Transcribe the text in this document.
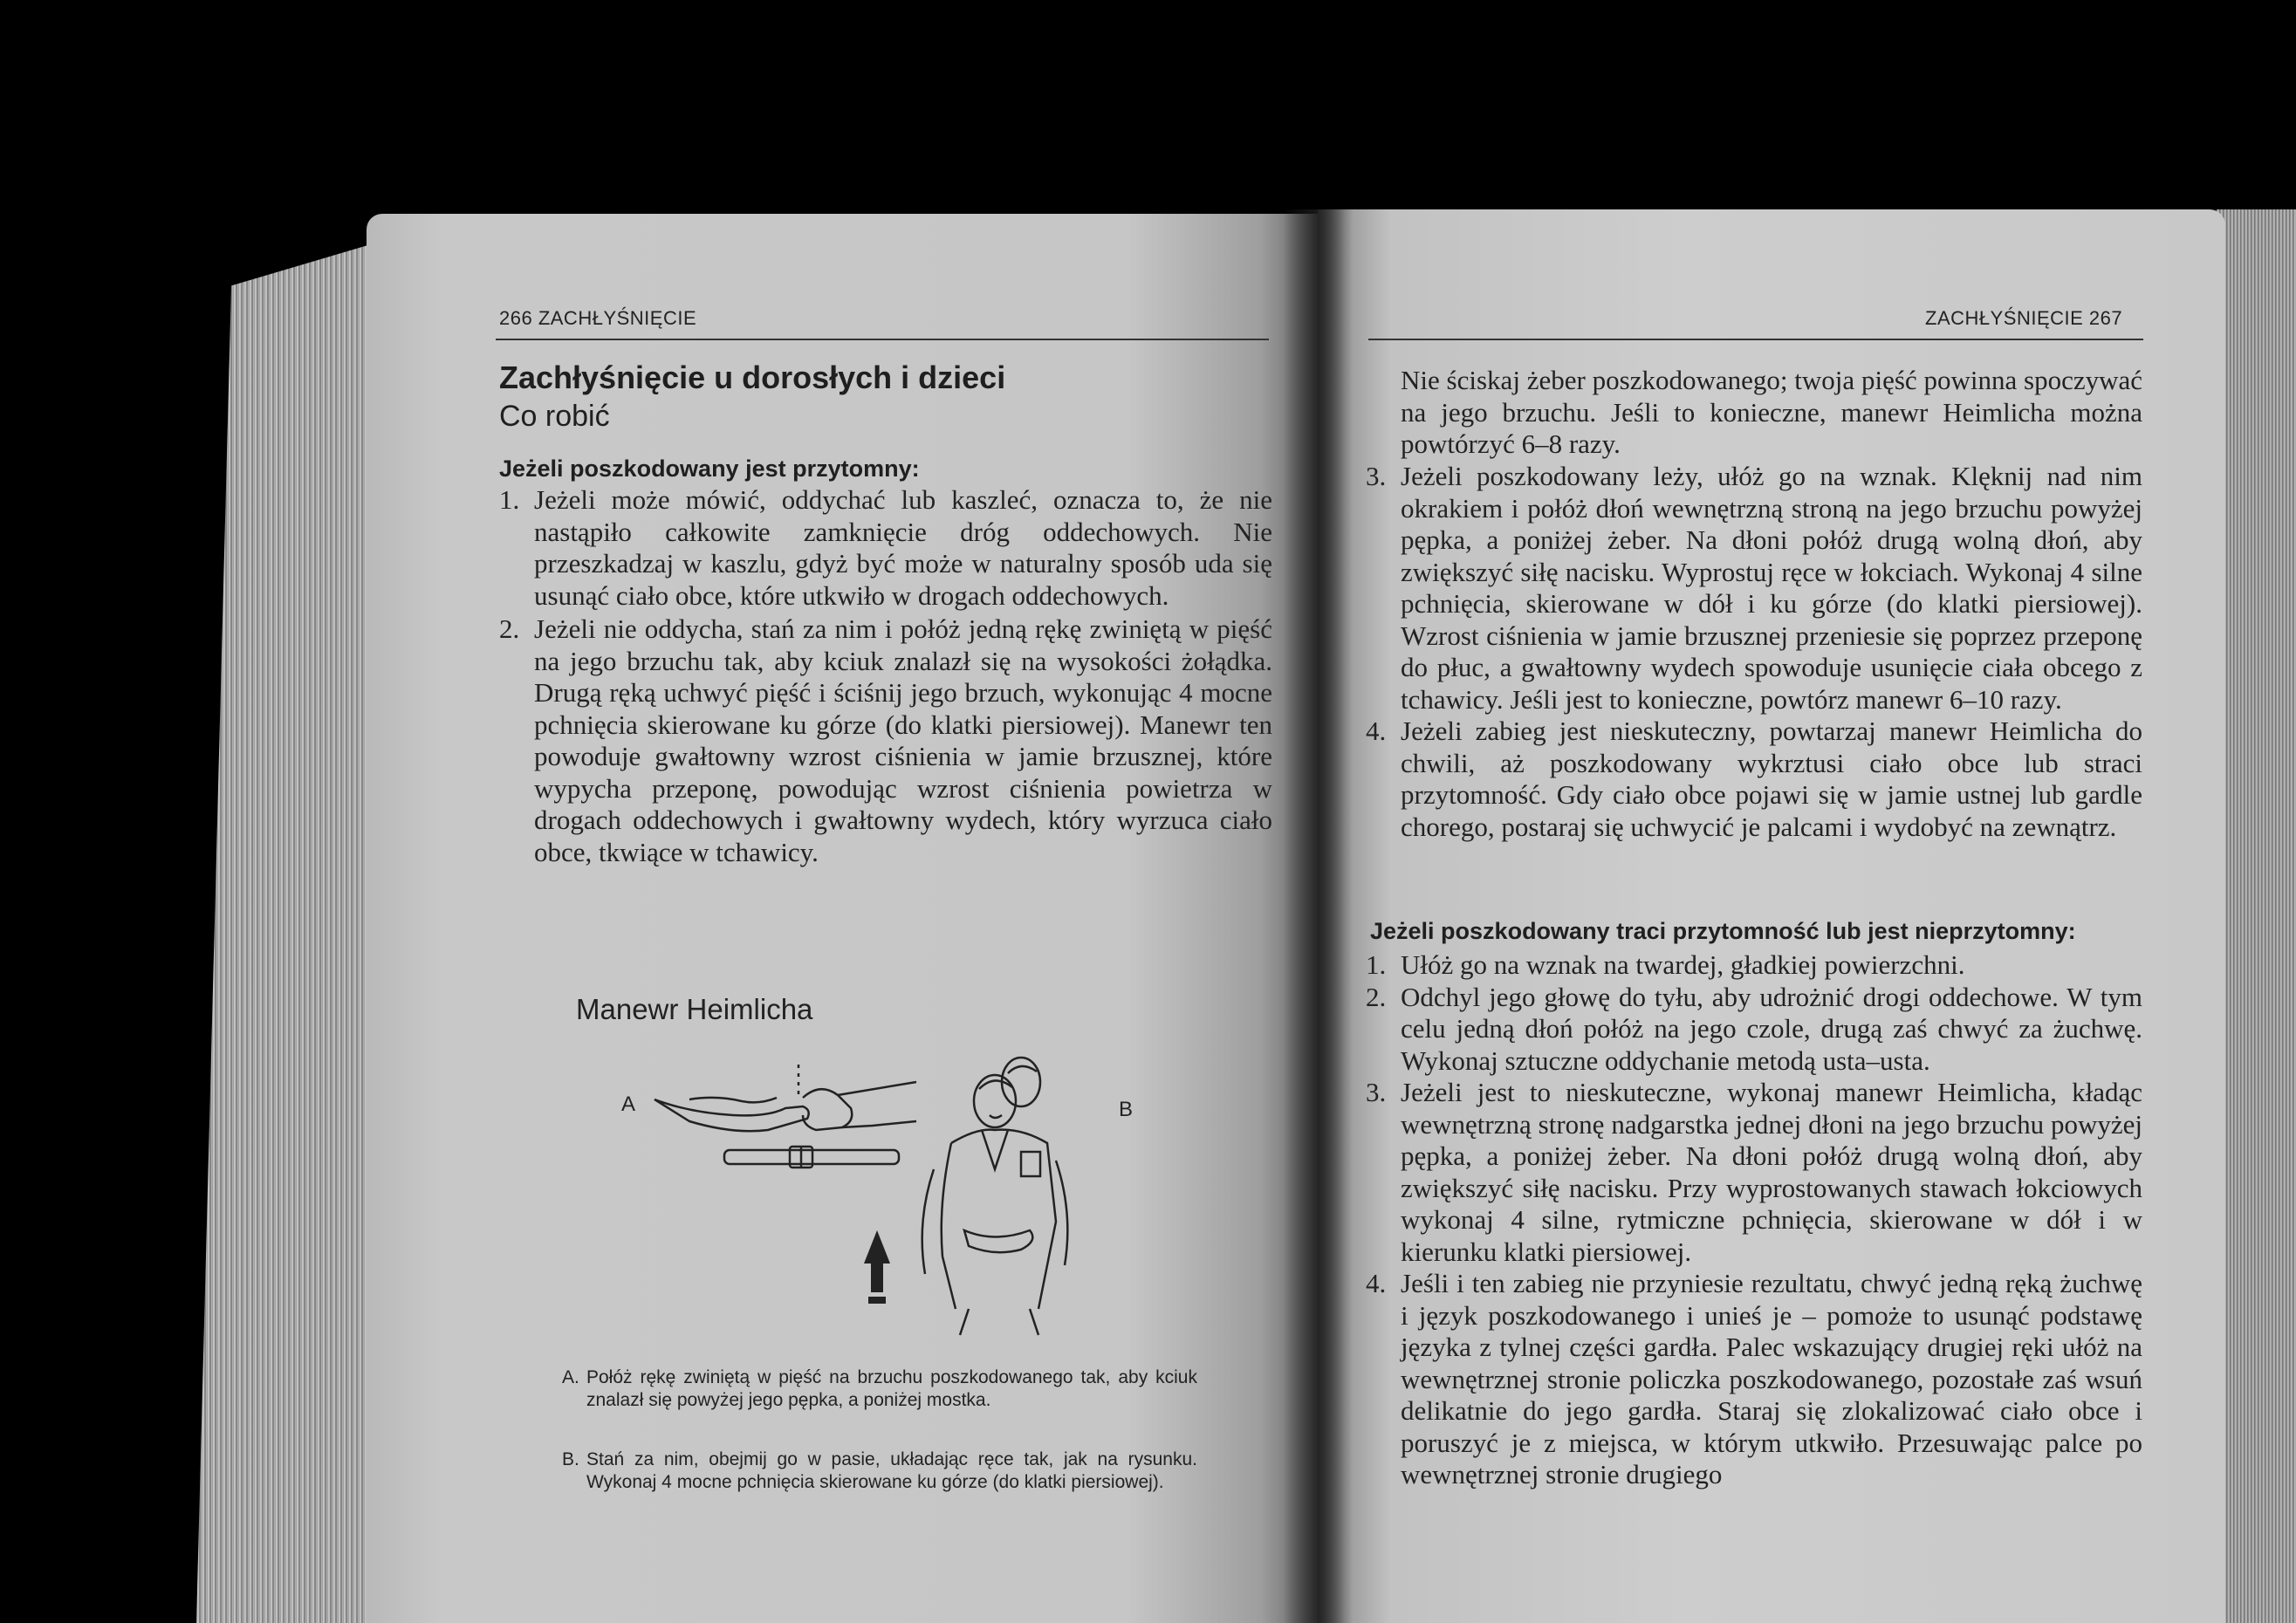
266 ZACHŁYŚNIĘCIE
Zachłyśnięcie u dorosłych i dzieci
Co robić
Jeżeli poszkodowany jest przytomny:
1. Jeżeli może mówić, oddychać lub kaszleć, oznacza to, że nie nastąpiło całkowite zamknięcie dróg oddechowych. Nie przeszkadzaj w kaszlu, gdyż być może w naturalny sposób uda się usunąć ciało obce, które utkwiło w drogach oddechowych.
2. Jeżeli nie oddycha, stań za nim i połóż jedną rękę zwiniętą w pięść na jego brzuchu tak, aby kciuk znalazł się na wysokości żołądka. Drugą ręką uchwyć pięść i ściśnij jego brzuch, wykonując 4 mocne pchnięcia skierowane ku górze (do klatki piersiowej). Manewr ten powoduje gwałtowny wzrost ciśnienia w jamie brzusznej, które wypycha przeponę, powodując wzrost ciśnienia powietrza w drogach oddechowych i gwałtowny wydech, który wyrzuca ciało obce, tkwiące w tchawicy.
Manewr Heimlicha
A	B
A. Połóż rękę zwiniętą w pięść na brzuchu poszkodowanego tak, aby kciuk znalazł się powyżej jego pępka, a poniżej mostka.
B. Stań za nim, obejmij go w pasie, układając ręce tak, jak na rysunku. Wykonaj 4 mocne pchnięcia skierowane ku górze (do klatki piersiowej).
ZACHŁYŚNIĘCIE 267

Nie ściskaj żeber poszkodowanego; twoja pięść powinna spoczywać na jego brzuchu. Jeśli to konieczne, manewr Heimlicha można powtórzyć 6–8 razy.

3. Jeżeli poszkodowany leży, ułóż go na wznak. Klęknij nad nim okrakiem i połóż dłoń wewnętrzną stroną na jego brzuchu powyżej pępka, a poniżej żeber. Na dłoni połóż drugą wolną dłoń, aby zwiększyć siłę nacisku. Wyprostuj ręce w łokciach. Wykonaj 4 silne pchnięcia, skierowane w dół i ku górze (do klatki piersiowej). Wzrost ciśnienia w jamie brzusznej przeniesie się poprzez przeponę do płuc, a gwałtowny wydech spowoduje usunięcie ciała obcego z tchawicy. Jeśli jest to konieczne, powtórz manewr 6–10 razy.
4. Jeżeli zabieg jest nieskuteczny, powtarzaj manewr Heimlicha do chwili, aż poszkodowany wykrztusi ciało obce lub straci przytomność. Gdy ciało obce pojawi się w jamie ustnej lub gardle chorego, postaraj się uchwycić je palcami i wydobyć na zewnątrz.
Jeżeli poszkodowany traci przytomność lub jest nieprzytomny:
1. Ułóż go na wznak na twardej, gładkiej powierzchni.
2. Odchyl jego głowę do tyłu, aby udrożnić drogi oddechowe. W tym celu jedną dłoń połóż na jego czole, drugą zaś chwyć za żuchwę. Wykonaj sztuczne oddychanie metodą usta–usta.
3. Jeżeli jest to nieskuteczne, wykonaj manewr Heimlicha, kładąc wewnętrzną stronę nadgarstka jednej dłoni na jego brzuchu powyżej pępka, a poniżej żeber. Na dłoni połóż drugą wolną dłoń, aby zwiększyć siłę nacisku. Przy wyprostowanych stawach łokciowych wykonaj 4 silne, rytmiczne pchnięcia, skierowane w dół i w kierunku klatki piersiowej.
4. Jeśli i ten zabieg nie przyniesie rezultatu, chwyć jedną ręką żuchwę i język poszkodowanego i unieś je – pomoże to usunąć podstawę języka z tylnej części gardła. Palec wskazujący drugiej ręki ułóż na wewnętrznej stronie policzka poszkodowanego, pozostałe zaś wsuń delikatnie do jego gardła. Staraj się zlokalizować ciało obce i poruszyć je z miejsca, w którym utkwiło. Przesuwając palce po wewnętrznej stronie drugiego
